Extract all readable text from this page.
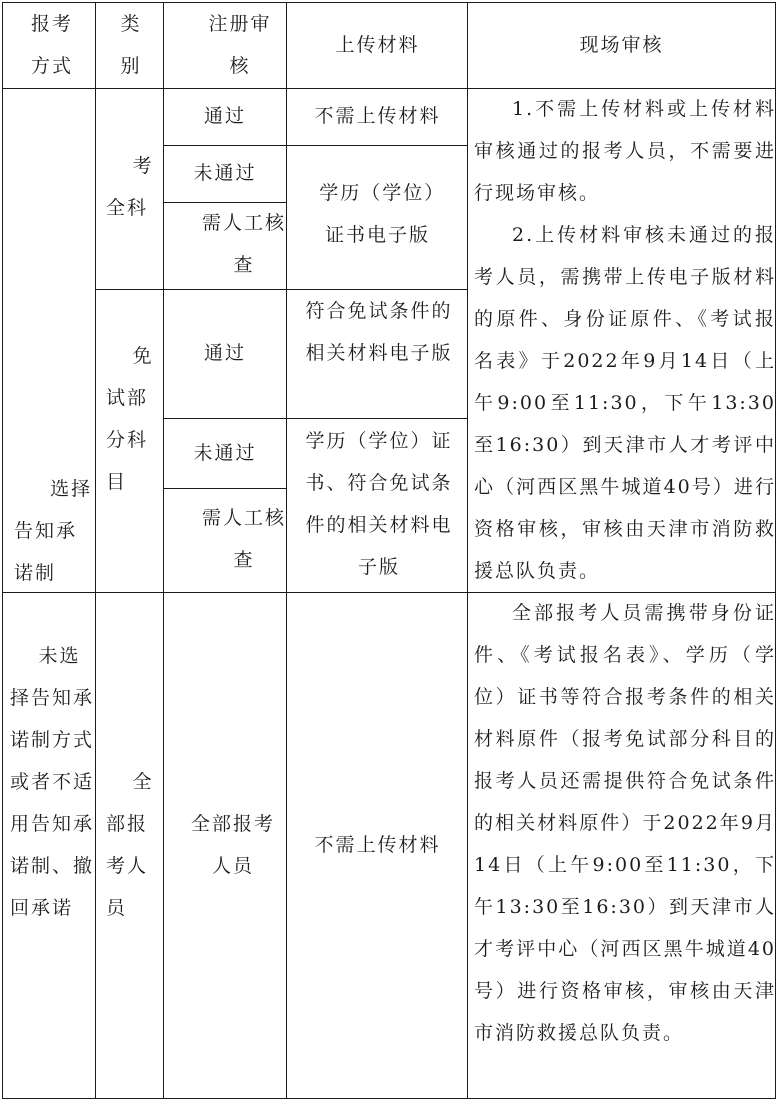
报考方式
类别
注册审核
上传材料	现场审核
选择告知承诺制
考全科
通过	不需上传材料
未通过
需人工核查
学历（学位）证书电子版
免试部分科目
通过
符合免试条件的相关材料电子版
未通过
需人工核查
学历（学位）证书、符合免试条件的相关材料电子版
1.不需上传材料或上传材料审核通过的报考人员，不需要进行现场审核。
2.上传材料审核未通过的报考人员，需携带上传电子版材料的原件、身份证原件、《考试报名表》于2022年9月14日（上午9:00至11:30，下午13:30至16:30）到天津市人才考评中心（河西区黑牛城道40号）进行资格审核，审核由天津市消防救援总队负责。
未选择告知承诺制方式或者不适用告知承诺制、撤回承诺
全部报考人员
全部报考人员
不需上传材料
全部报考人员需携带身份证件、《考试报名表》、学历（学位）证书等符合报考条件的相关材料原件（报考免试部分科目的报考人员还需提供符合免试条件的相关材料原件）于2022年9月14日（上午9:00至11:30，下午13:30至16:30）到天津市人才考评中心（河西区黑牛城道40号）进行资格审核，审核由天津市消防救援总队负责。
